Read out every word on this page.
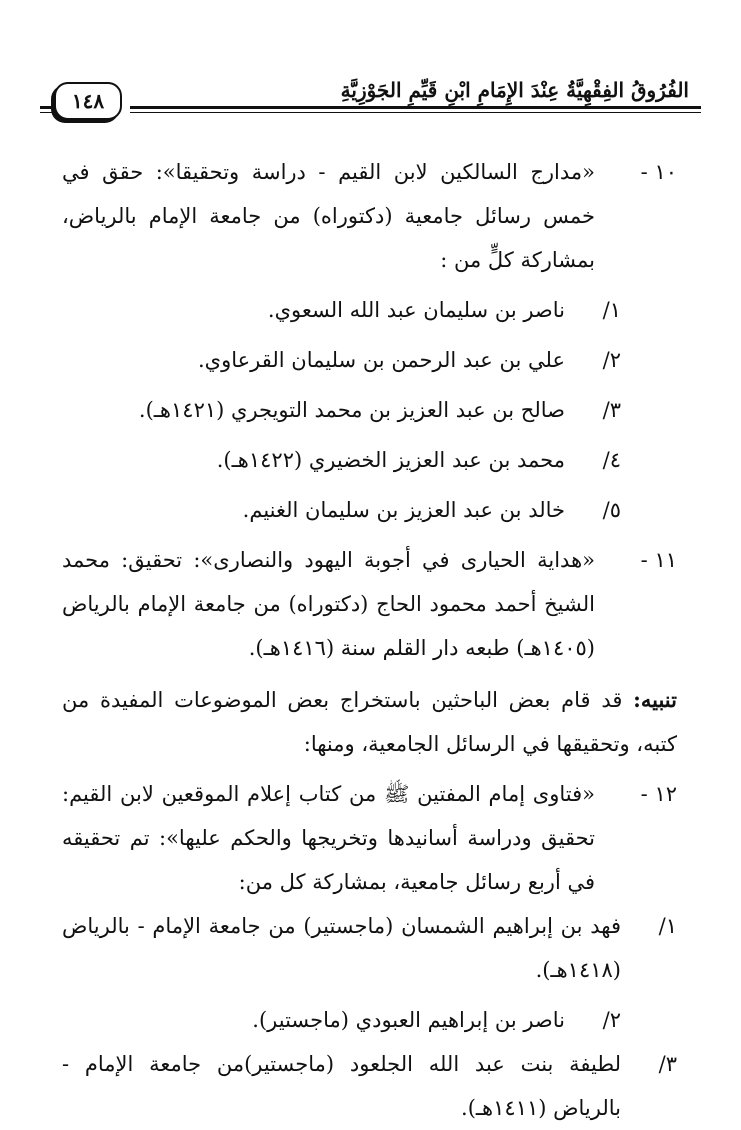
الفُرُوقُ الفِقْهِيَّةُ عِنْدَ الإِمَامِ ابْنِ قَيِّمِ الجَوْزِيَّةِ
١٤٨
١٠ -
«مدارج السالكين لابن القيم - دراسة وتحقيقا»: حقق في خمس رسائل جامعية (دكتوراه) من جامعة الإمام بالرياض، بمشاركة كلٍّ من :
١/ناصر بن سليمان عبد الله السعوي.
٢/علي بن عبد الرحمن بن سليمان القرعاوي.
٣/صالح بن عبد العزيز بن محمد التويجري (١٤٢١هـ).
٤/محمد بن عبد العزيز الخضيري (١٤٢٢هـ).
٥/خالد بن عبد العزيز بن سليمان الغنيم.
١١ -
«هداية الحيارى في أجوبة اليهود والنصارى»: تحقيق: محمد الشيخ أحمد محمود الحاج (دكتوراه) من جامعة الإمام بالرياض (١٤٠٥هـ) طبعه دار القلم سنة (١٤١٦هـ).
تنبيه: قد قام بعض الباحثين باستخراج بعض الموضوعات المفيدة من كتبه، وتحقيقها في الرسائل الجامعية، ومنها:
١٢ -
«فتاوى إمام المفتين ﷺ من كتاب إعلام الموقعين لابن القيم: تحقيق ودراسة أسانيدها وتخريجها والحكم عليها»: تم تحقيقه في أربع رسائل جامعية، بمشاركة كل من:
١/
فهد بن إبراهيم الشمسان (ماجستير) من جامعة الإمام - بالرياض (١٤١٨هـ).
٢/ناصر بن إبراهيم العبودي (ماجستير).
٣/
لطيفة بنت عبد الله الجلعود (ماجستير)من جامعة الإمام - بالرياض (١٤١١هـ).
